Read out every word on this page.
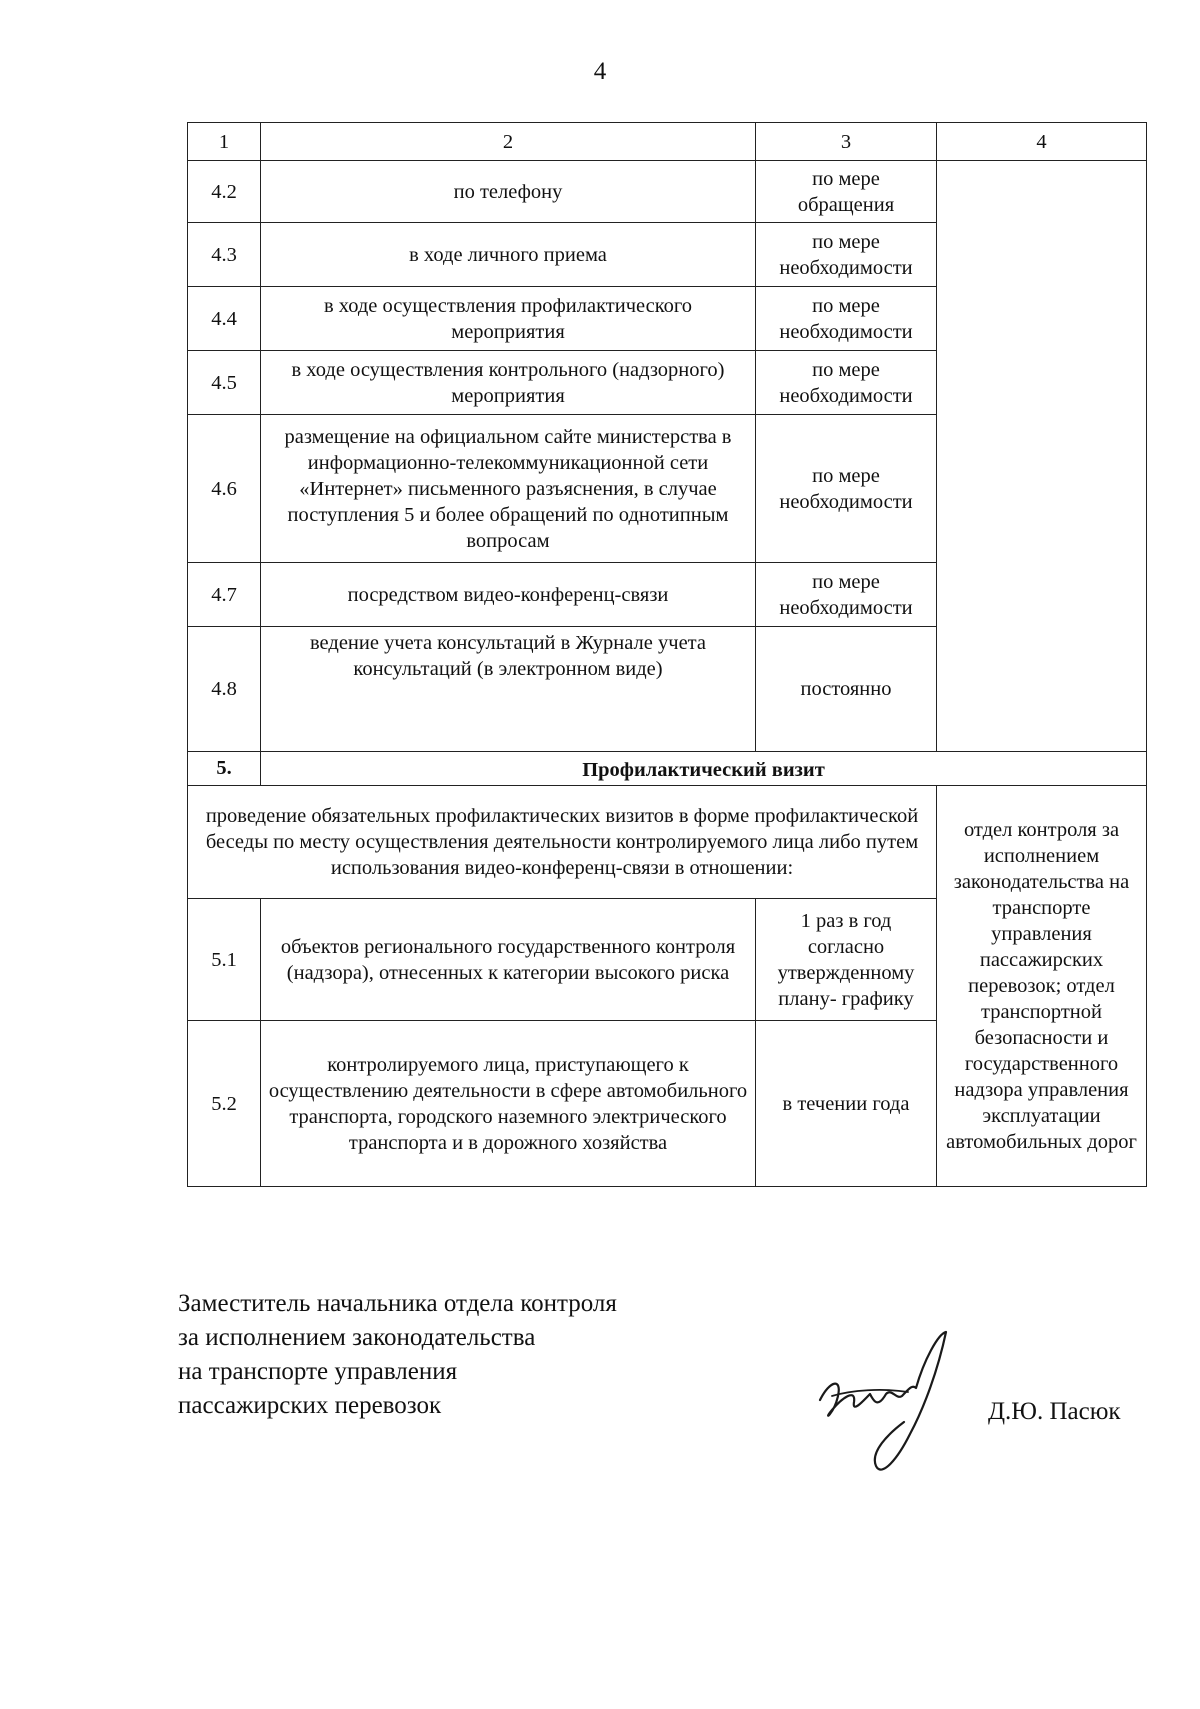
4
1	2	3	4
4.2	по телефону	по мере обращения	
4.3	в ходе личного приема	по мере необходимости	
4.4	в ходе осуществления профилактического мероприятия	по мере необходимости	
4.5	в ходе осуществления контрольного (надзорного) мероприятия	по мере необходимости	
4.6	размещение на официальном сайте министерства в информационно-телекоммуникационной сети «Интернет» письменного разъяснения, в случае поступления 5 и более обращений по однотипным вопросам	по мере необходимости	
4.7	посредством видео-конференц-связи	по мере необходимости	
4.8	ведение учета консультаций в Журнале учета консультаций (в электронном виде)	постоянно	
5.	Профилактический визит		
проведение обязательных профилактических визитов в форме профилактической беседы по месту осуществления деятельности контролируемого лица либо путем использования видео-конференц-связи в отношении:			отдел контроля за исполнением законодательства на транспорте управления пассажирских перевозок; отдел транспортной безопасности и государственного надзора управления эксплуатации автомобильных дорог
5.1	объектов регионального государственного контроля (надзора), отнесенных к категории высокого риска	1 раз в год согласно утвержденному плану- графику	
5.2	контролируемого лица, приступающего к осуществлению деятельности в сфере автомобильного транспорта, городского наземного электрического транспорта и в дорожного хозяйства	в течении года	
Заместитель начальника отдела контроля
за исполнением законодательства
на транспорте управления
пассажирских перевозок	Д.Ю. Пасюк
